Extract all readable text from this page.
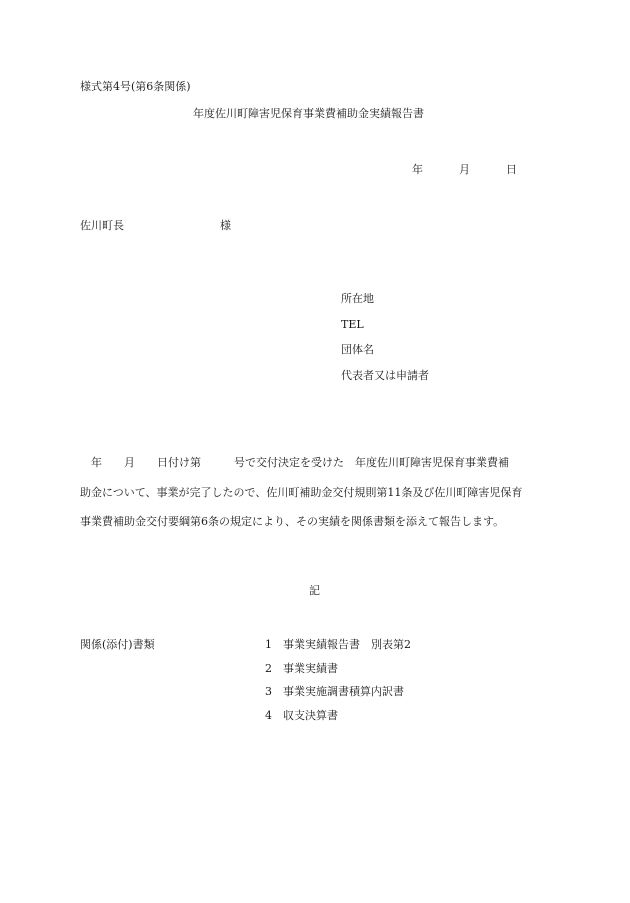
様式第4号(第6条関係)
年度佐川町障害児保育事業費補助金実績報告書
年	月	日
佐川町長	様
所在地
TEL
団体名
代表者又は申請者

　年　　月　　日付け第　　　号で交付決定を受けた　年度佐川町障害児保育事業費補

助金について、事業が完了したので、佐川町補助金交付規則第11条及び佐川町障害児保育

事業費補助金交付要綱第6条の規定により、その実績を関係書類を添えて報告します。

記
関係(添付)書類	1 事業実績報告書　別表第2
2 事業実績書
3 事業実施調書積算内訳書
4 収支決算書
